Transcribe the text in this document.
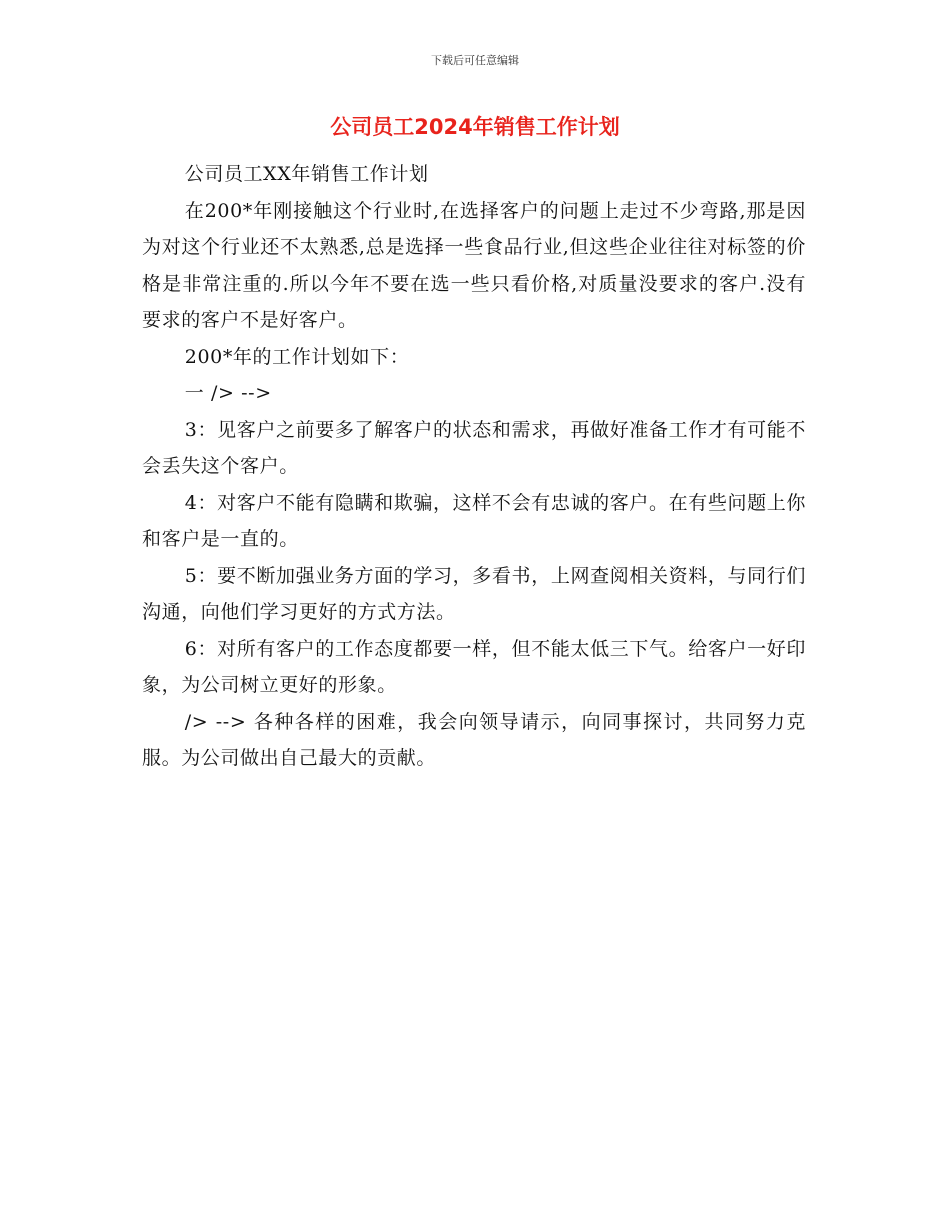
下载后可任意编辑
公司员工2024年销售工作计划

公司员工XX年销售工作计划

在200*年刚接触这个行业时,在选择客户的问题上走过不少弯路,那是因为对这个行业还不太熟悉,总是选择一些食品行业,但这些企业往往对标签的价格是非常注重的.所以今年不要在选一些只看价格,对质量没要求的客户.没有要求的客户不是好客户。

200*年的工作计划如下：

一 /> -->

3：见客户之前要多了解客户的状态和需求，再做好准备工作才有可能不会丢失这个客户。

4：对客户不能有隐瞒和欺骗，这样不会有忠诚的客户。在有些问题上你和客户是一直的。

5：要不断加强业务方面的学习，多看书，上网查阅相关资料，与同行们沟通，向他们学习更好的方式方法。

6：对所有客户的工作态度都要一样，但不能太低三下气。给客户一好印象，为公司树立更好的形象。

/> --> 各种各样的困难，我会向领导请示，向同事探讨，共同努力克服。为公司做出自己最大的贡献。
